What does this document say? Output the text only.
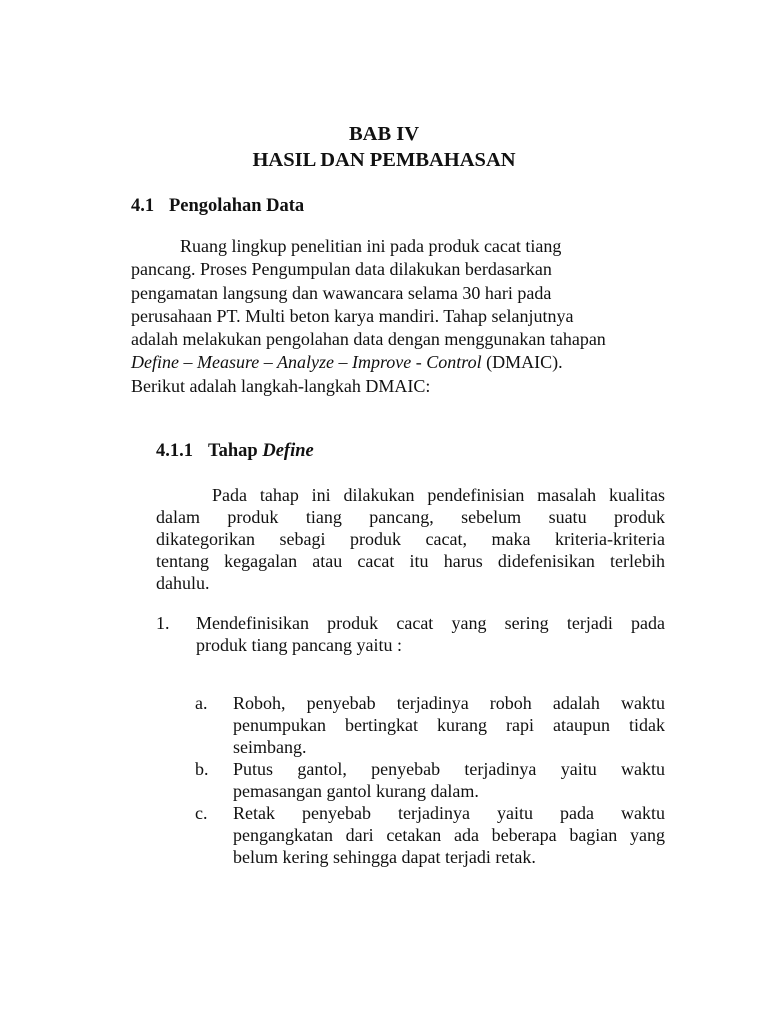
BAB IV
HASIL DAN PEMBAHASAN
4.1 Pengolahan Data
Ruang lingkup penelitian ini pada produk cacat tiang
pancang. Proses Pengumpulan data dilakukan berdasarkan
pengamatan langsung dan wawancara selama 30 hari pada
perusahaan PT. Multi beton karya mandiri. Tahap selanjutnya
adalah melakukan pengolahan data dengan menggunakan tahapan
Define – Measure – Analyze – Improve - Control (DMAIC).
Berikut adalah langkah-langkah DMAIC:
4.1.1 Tahap Define
Pada tahap ini dilakukan pendefinisian masalah kualitas
dalam produk tiang pancang, sebelum suatu produk
dikategorikan sebagi produk cacat, maka kriteria-kriteria
tentang kegagalan atau cacat itu harus didefenisikan terlebih
dahulu.
1. Mendefinisikan produk cacat yang sering terjadi pada
produk tiang pancang yaitu :
a. Roboh, penyebab terjadinya roboh adalah waktu
penumpukan bertingkat kurang rapi ataupun tidak
seimbang.
b. Putus gantol, penyebab terjadinya yaitu waktu
pemasangan gantol kurang dalam.
c. Retak penyebab terjadinya yaitu pada waktu
pengangkatan dari cetakan ada beberapa bagian yang
belum kering sehingga dapat terjadi retak.
